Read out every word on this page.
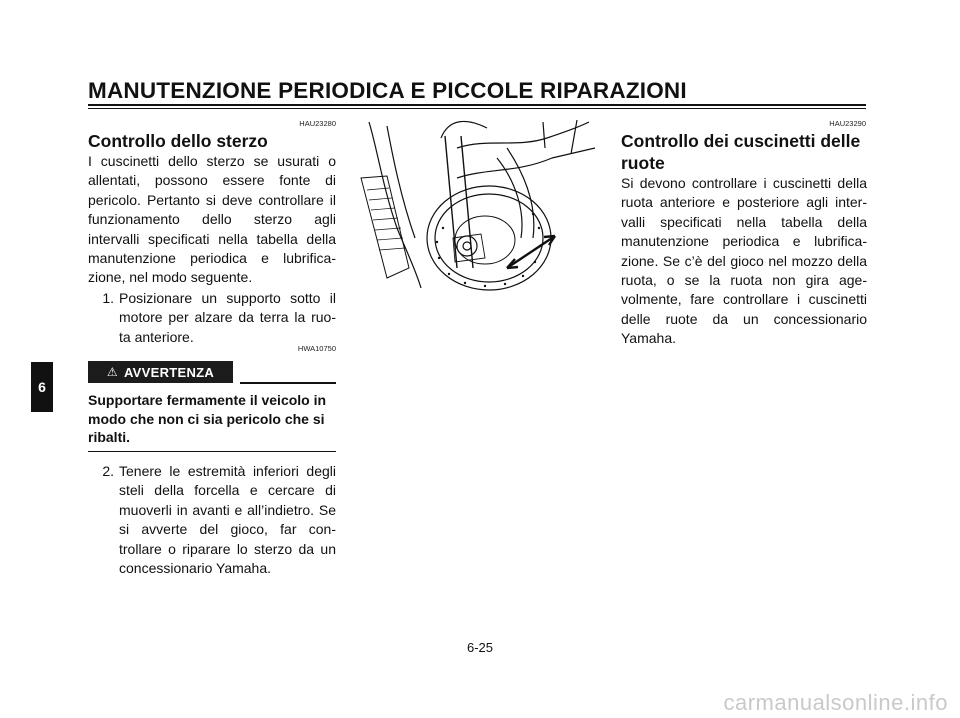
MANUTENZIONE PERIODICA E PICCOLE RIPARAZIONI
6
HAU23280
Controllo dello sterzo

I cuscinetti dello sterzo se usurati o allentati, possono essere fonte di pericolo. Pertanto si deve controllare il funzionamento dello sterzo agli intervalli specificati nella tabella della manutenzione periodica e lubrifica-zione, nel modo seguente.

1. Posizionare un supporto sotto il motore per alzare da terra la ruo-ta anteriore.
HWA10750
⚠ AVVERTENZA
Supportare fermamente il veicolo in modo che non ci sia pericolo che si ribalti.
2. Tenere le estremità inferiori degli steli della forcella e cercare di muoverli in avanti e all’indietro. Se si avverte del gioco, far con-trollare o riparare lo sterzo da un concessionario Yamaha.
HAU23290
Controllo dei cuscinetti delle
ruote

Si devono controllare i cuscinetti della ruota anteriore e posteriore agli inter-valli specificati nella tabella della manutenzione periodica e lubrifica-zione. Se c’è del gioco nel mozzo della ruota, o se la ruota non gira age-volmente, fare controllare i cuscinetti delle ruote da un concessionario Yamaha.

6-25
carmanualsonline.info
